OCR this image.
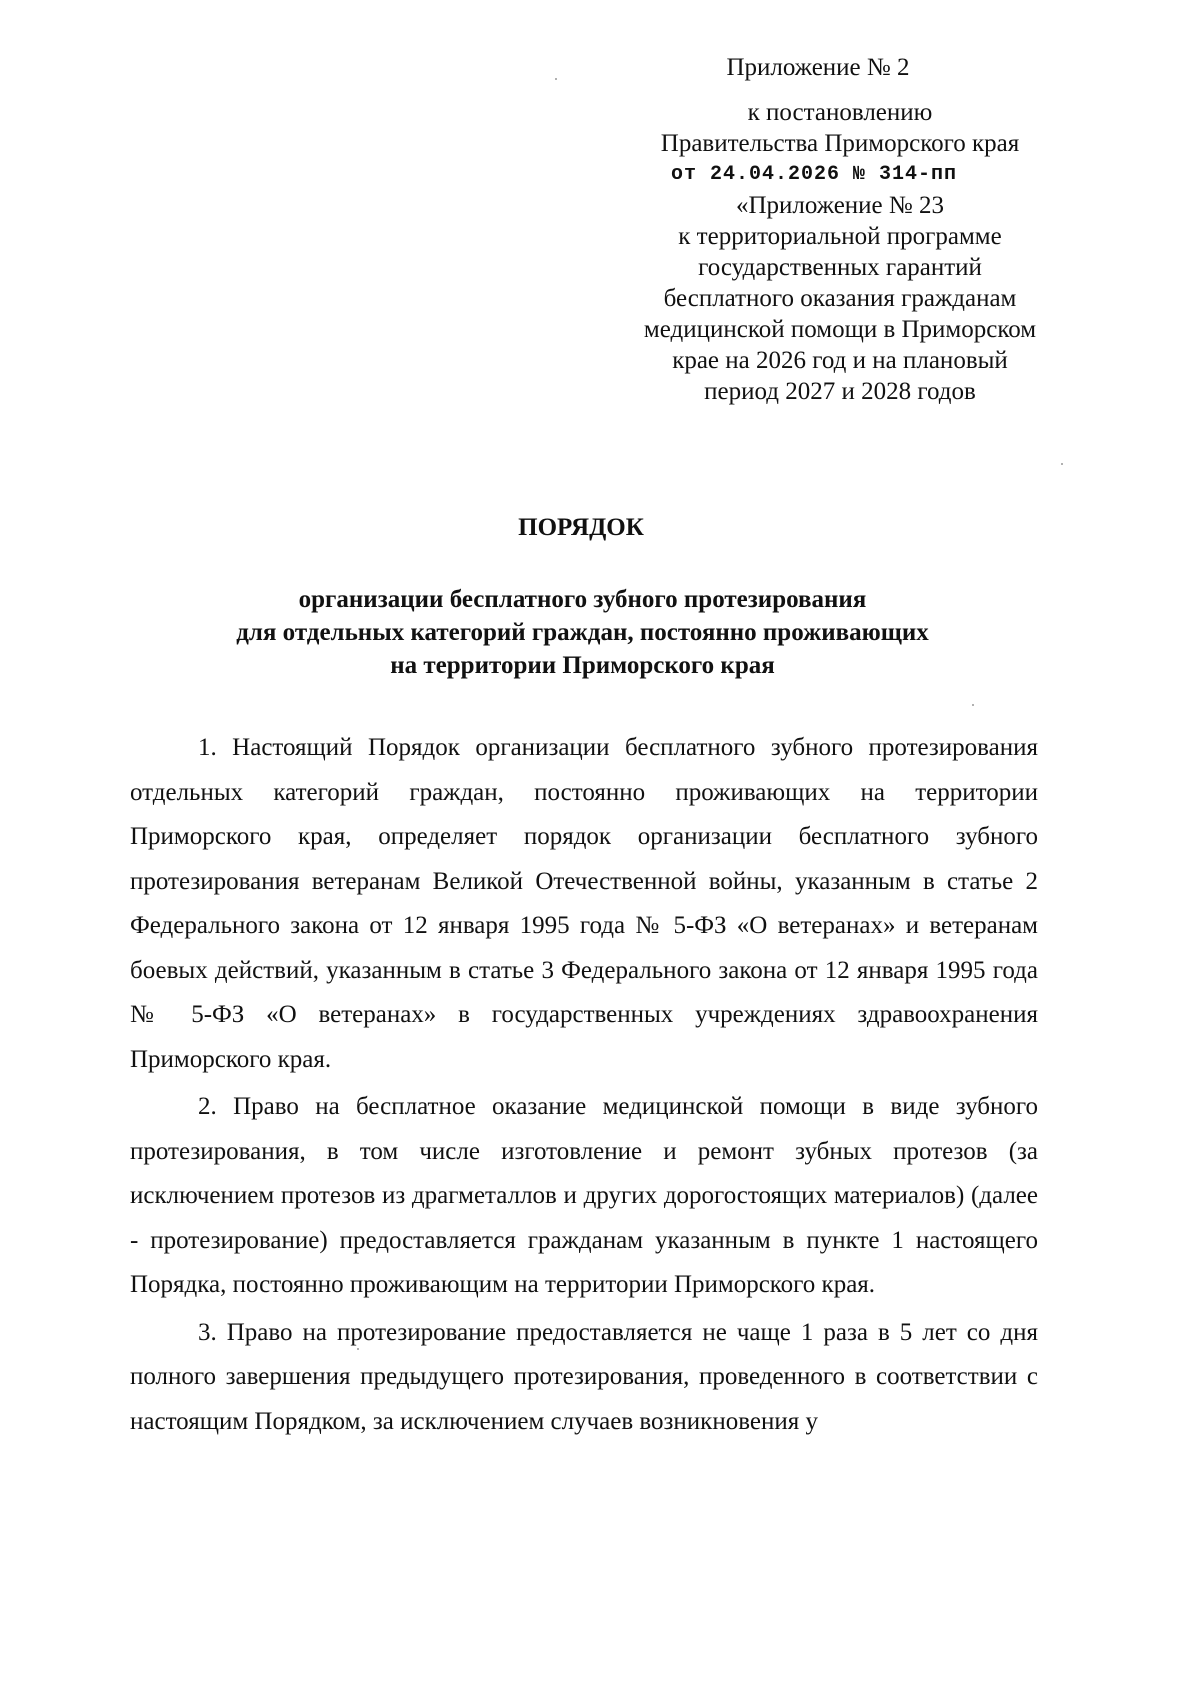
Приложение № 2
к постановлению
Правительства Приморского края
от 24.04.2026 № 314-пп
«Приложение № 23
к территориальной программе
государственных гарантий
бесплатного оказания гражданам
медицинской помощи в Приморском
крае на 2026 год и на плановый
период 2027 и 2028 годов
ПОРЯДОК
организации бесплатного зубного протезирования
для отдельных категорий граждан, постоянно проживающих
на территории Приморского края

1. Настоящий Порядок организации бесплатного зубного протезирования отдельных категорий граждан, постоянно проживающих на территории Приморского края, определяет порядок организации бесплатного зубного протезирования ветеранам Великой Отечественной войны, указанным в статье 2 Федерального закона от 12 января 1995 года № 5-ФЗ «О ветеранах» и ветеранам боевых действий, указанным в статье 3 Федерального закона от 12 января 1995 года № 5-ФЗ «О ветеранах» в государственных учреждениях здравоохранения Приморского края.

2. Право на бесплатное оказание медицинской помощи в виде зубного протезирования, в том числе изготовление и ремонт зубных протезов (за исключением протезов из драгметаллов и других дорогостоящих материалов) (далее - протезирование) предоставляется гражданам указанным в пункте 1 настоящего Порядка, постоянно проживающим на территории Приморского края.

3. Право на протезирование предоставляется не чаще 1 раза в 5 лет со дня полного завершения предыдущего протезирования, проведенного в соответствии с настоящим Порядком, за исключением случаев возникновения у
